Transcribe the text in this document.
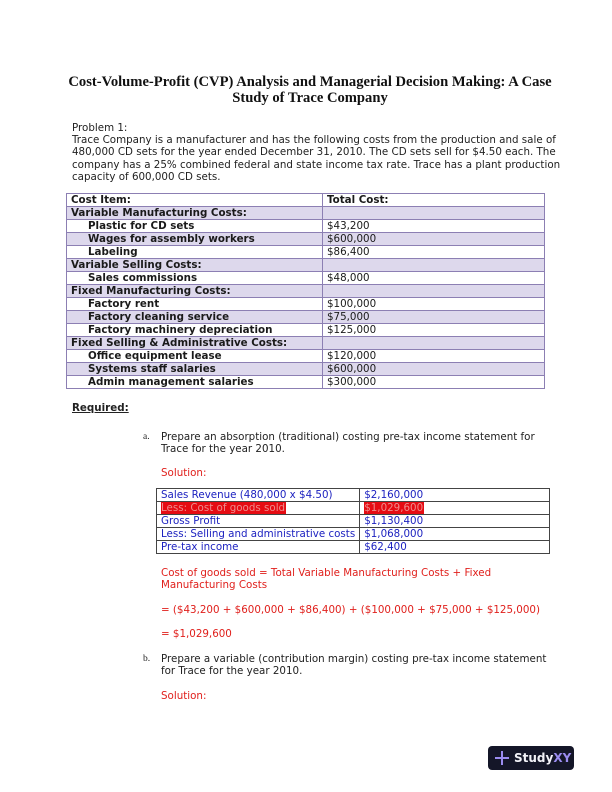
Cost-Volume-Profit (CVP) Analysis and Managerial Decision Making: A Case Study of Trace Company

Problem 1:

Trace Company is a manufacturer and has the following costs from the production and sale of 480,000 CD sets for the year ended December 31, 2010. The CD sets sell for $4.50 each. The company has a 25% combined federal and state income tax rate. Trace has a plant production capacity of 600,000 CD sets.

Cost Item:	Total Cost:
Variable Manufacturing Costs:	
Plastic for CD sets	$43,200
Wages for assembly workers	$600,000
Labeling	$86,400
Variable Selling Costs:	
Sales commissions	$48,000
Fixed Manufacturing Costs:	
Factory rent	$100,000
Factory cleaning service	$75,000
Factory machinery depreciation	$125,000
Fixed Selling & Administrative Costs:	
Office equipment lease	$120,000
Systems staff salaries	$600,000
Admin management salaries	$300,000
Required:
a. Prepare an absorption (traditional) costing pre-tax income statement for Trace for the year 2010.
Solution:
Sales Revenue (480,000 x $4.50)	$2,160,000
Less: Cost of goods sold	$1,029,600
Gross Profit	$1,130,400
Less: Selling and administrative costs	$1,068,000
Pre-tax income	$62,400

Cost of goods sold = Total Variable Manufacturing Costs + Fixed Manufacturing Costs

= ($43,200 + $600,000 + $86,400) + ($100,000 + $75,000 + $125,000)
= $1,029,600
b. Prepare a variable (contribution margin) costing pre-tax income statement for Trace for the year 2010.
Solution:
StudyXY
